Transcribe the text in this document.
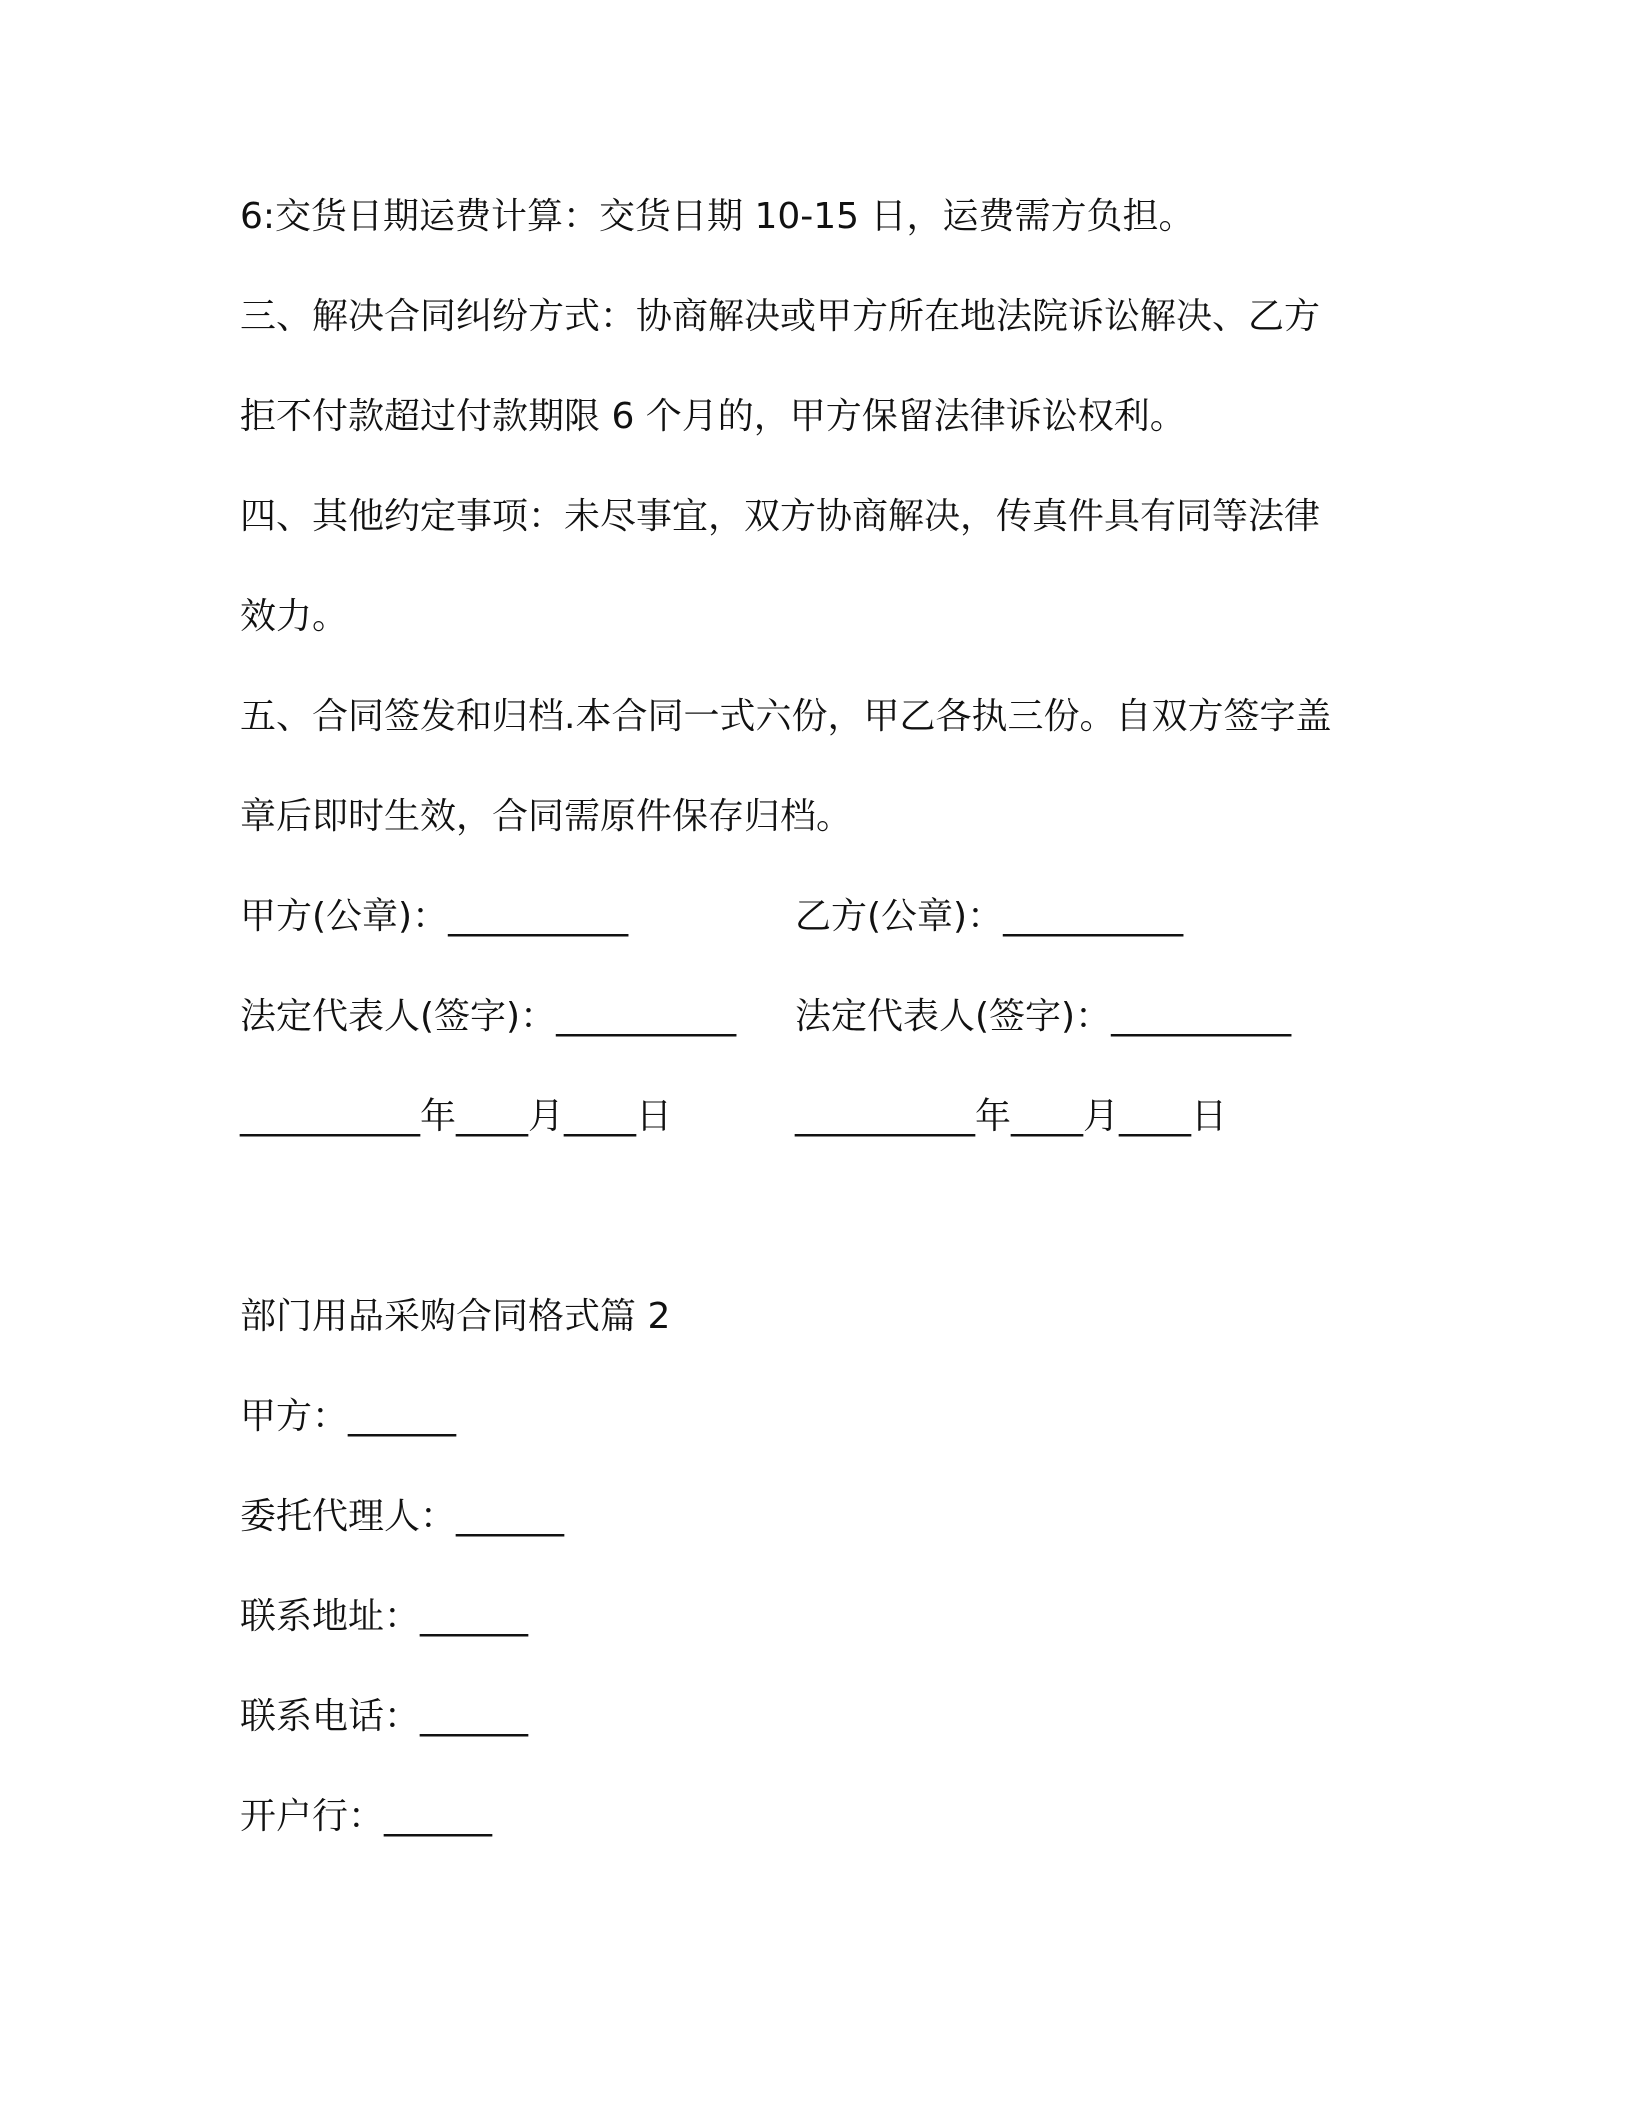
6:交货日期运费计算：交货日期 10-15 日，运费需方负担。
三、解决合同纠纷方式：协商解决或甲方所在地法院诉讼解决、乙方
拒不付款超过付款期限 6 个月的，甲方保留法律诉讼权利。
四、其他约定事项：未尽事宜，双方协商解决，传真件具有同等法律
效力。
五、合同签发和归档.本合同一式六份，甲乙各执三份。自双方签字盖
章后即时生效，合同需原件保存归档。
甲方(公章)：__________	乙方(公章)：__________
法定代表人(签字)：__________ 法定代表人(签字)：__________
__________年____月____日	__________年____月____日
部门用品采购合同格式篇 2
甲方：______
委托代理人：______
联系地址：______
联系电话：______
开户行：______
